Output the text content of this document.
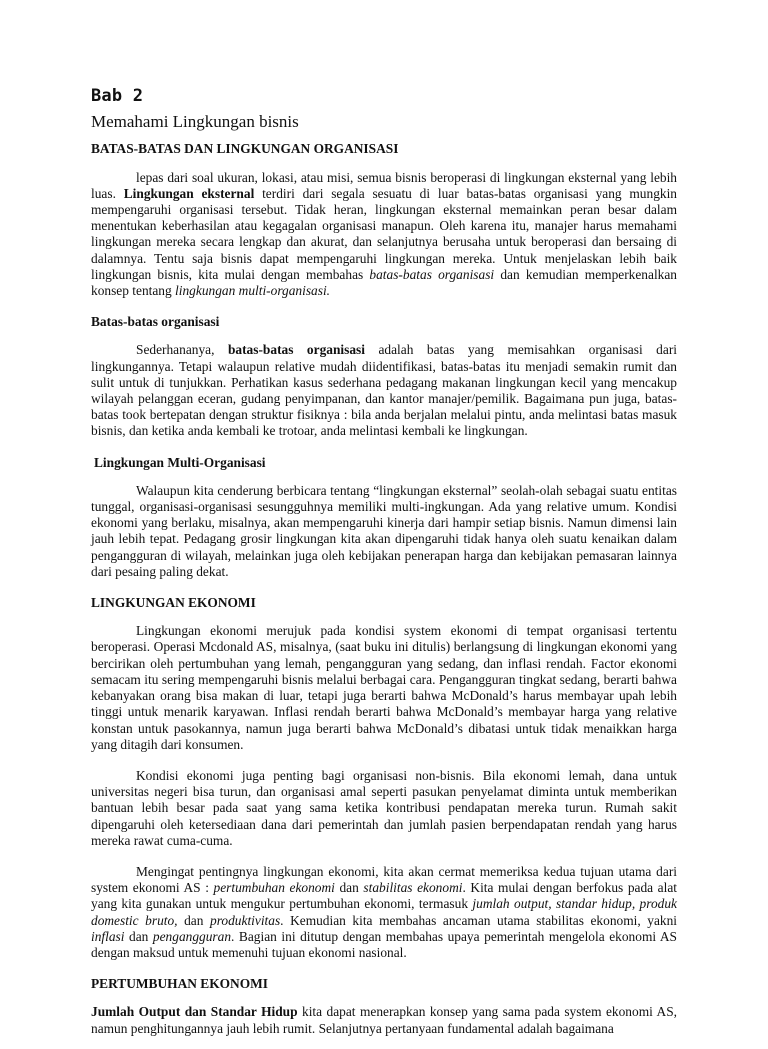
Bab 2
Memahami Lingkungan bisnis
BATAS-BATAS DAN LINGKUNGAN ORGANISASI

lepas dari soal ukuran, lokasi, atau misi, semua bisnis beroperasi di lingkungan eksternal yang lebih luas. Lingkungan eksternal terdiri dari segala sesuatu di luar batas-batas organisasi yang mungkin mempengaruhi organisasi tersebut. Tidak heran, lingkungan eksternal memainkan peran besar dalam menentukan keberhasilan atau kegagalan organisasi manapun. Oleh karena itu, manajer harus memahami lingkungan mereka secara lengkap dan akurat, dan selanjutnya berusaha untuk beroperasi dan bersaing di dalamnya. Tentu saja bisnis dapat mempengaruhi lingkungan mereka. Untuk menjelaskan lebih baik lingkungan bisnis, kita mulai dengan membahas batas-batas organisasi dan kemudian memperkenalkan konsep tentang lingkungan multi-organisasi.

Batas-batas organisasi

Sederhananya, batas-batas organisasi adalah batas yang memisahkan organisasi dari lingkungannya. Tetapi walaupun relative mudah diidentifikasi, batas-batas itu menjadi semakin rumit dan sulit untuk di tunjukkan. Perhatikan kasus sederhana pedagang makanan lingkungan kecil yang mencakup wilayah pelanggan eceran, gudang penyimpanan, dan kantor manajer/pemilik. Bagaimana pun juga, batas-batas took bertepatan dengan struktur fisiknya : bila anda berjalan melalui pintu, anda melintasi batas masuk bisnis, dan ketika anda kembali ke trotoar, anda melintasi kembali ke lingkungan.

Lingkungan Multi-Organisasi

Walaupun kita cenderung berbicara tentang “lingkungan eksternal” seolah-olah sebagai suatu entitas tunggal, organisasi-organisasi sesungguhnya memiliki multi-ingkungan. Ada yang relative umum. Kondisi ekonomi yang berlaku, misalnya, akan mempengaruhi kinerja dari hampir setiap bisnis. Namun dimensi lain jauh lebih tepat. Pedagang grosir lingkungan kita akan dipengaruhi tidak hanya oleh suatu kenaikan dalam pengangguran di wilayah, melainkan juga oleh kebijakan penerapan harga dan kebijakan pemasaran lainnya dari pesaing paling dekat.

LINGKUNGAN EKONOMI

Lingkungan ekonomi merujuk pada kondisi system ekonomi di tempat organisasi tertentu beroperasi. Operasi Mcdonald AS, misalnya, (saat buku ini ditulis) berlangsung di lingkungan ekonomi yang bercirikan oleh pertumbuhan yang lemah, pengangguran yang sedang, dan inflasi rendah. Factor ekonomi semacam itu sering mempengaruhi bisnis melalui berbagai cara. Pengangguran tingkat sedang, berarti bahwa kebanyakan orang bisa makan di luar, tetapi juga berarti bahwa McDonald’s harus membayar upah lebih tinggi untuk menarik karyawan. Inflasi rendah berarti bahwa McDonald’s membayar harga yang relative konstan untuk pasokannya, namun juga berarti bahwa McDonald’s dibatasi untuk tidak menaikkan harga yang ditagih dari konsumen.

Kondisi ekonomi juga penting bagi organisasi non-bisnis. Bila ekonomi lemah, dana untuk universitas negeri bisa turun, dan organisasi amal seperti pasukan penyelamat diminta untuk memberikan bantuan lebih besar pada saat yang sama ketika kontribusi pendapatan mereka turun. Rumah sakit dipengaruhi oleh ketersediaan dana dari pemerintah dan jumlah pasien berpendapatan rendah yang harus mereka rawat cuma-cuma.

Mengingat pentingnya lingkungan ekonomi, kita akan cermat memeriksa kedua tujuan utama dari system ekonomi AS : pertumbuhan ekonomi dan stabilitas ekonomi. Kita mulai dengan berfokus pada alat yang kita gunakan untuk mengukur pertumbuhan ekonomi, termasuk jumlah output, standar hidup, produk domestic bruto, dan produktivitas. Kemudian kita membahas ancaman utama stabilitas ekonomi, yakni inflasi dan pengangguran. Bagian ini ditutup dengan membahas upaya pemerintah mengelola ekonomi AS dengan maksud untuk memenuhi tujuan ekonomi nasional.

PERTUMBUHAN EKONOMI

Jumlah Output dan Standar Hidup kita dapat menerapkan konsep yang sama pada system ekonomi AS, namun penghitungannya jauh lebih rumit. Selanjutnya pertanyaan fundamental adalah bagaimana
